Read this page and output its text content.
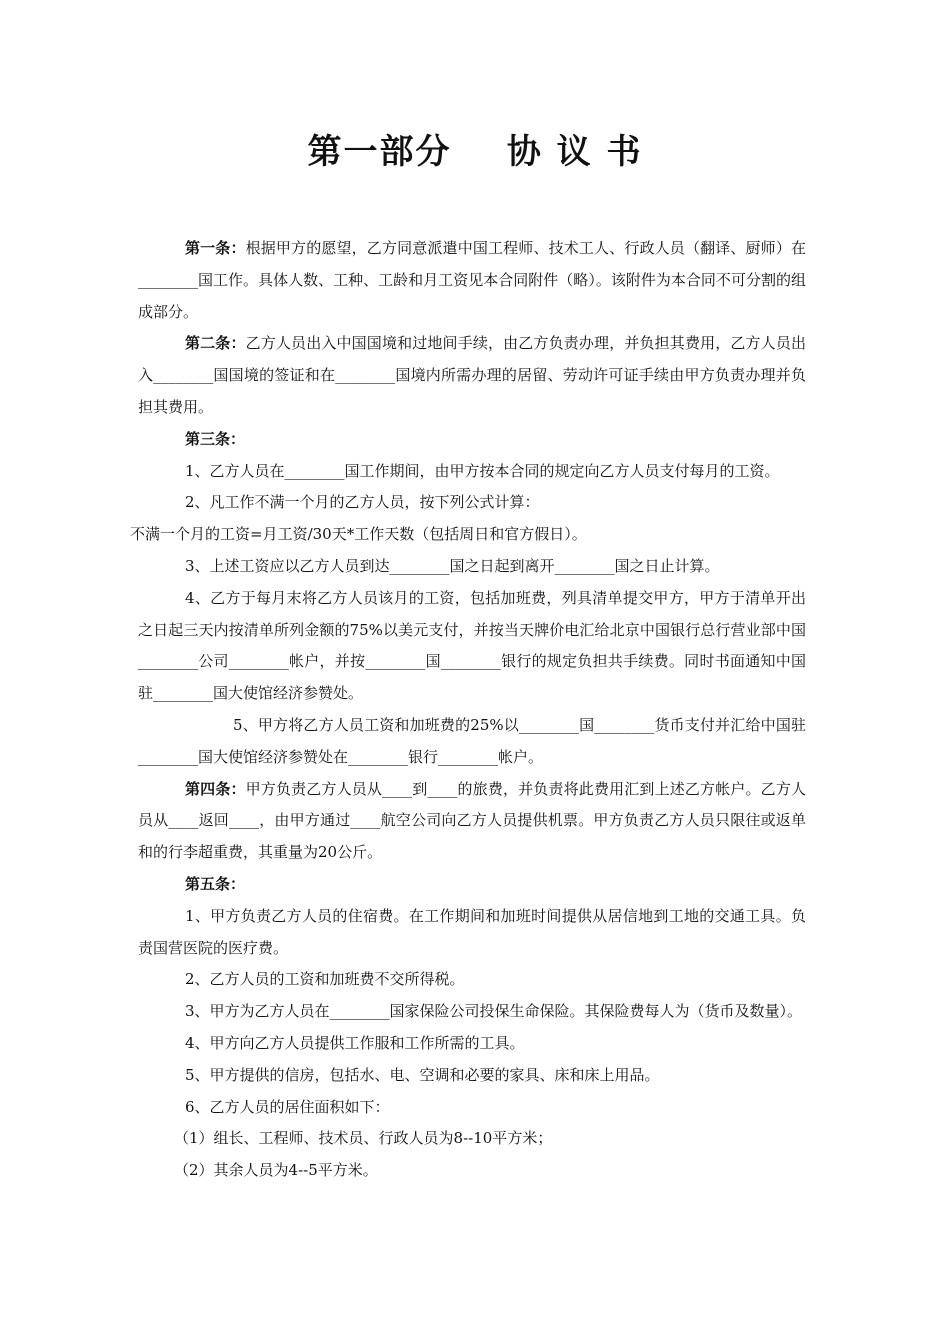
第一部分    协 议 书

第一条：根据甲方的愿望，乙方同意派遣中国工程师、技术工人、行政人员（翻译、厨师）在________国工作。具体人数、工种、工龄和月工资见本合同附件（略）。该附件为本合同不可分割的组成部分。

第二条：乙方人员出入中国国境和过地间手续，由乙方负责办理，并负担其费用，乙方人员出入________国国境的签证和在________国境内所需办理的居留、劳动许可证手续由甲方负责办理并负担其费用。

第三条：

1、乙方人员在________国工作期间，由甲方按本合同的规定向乙方人员支付每月的工资。

2、凡工作不满一个月的乙方人员，按下列公式计算：

不满一个月的工资=月工资/30天*工作天数（包括周日和官方假日）。

3、上述工资应以乙方人员到达________国之日起到离开________国之日止计算。

4、乙方于每月末将乙方人员该月的工资，包括加班费，列具清单提交甲方，甲方于清单开出之日起三天内按清单所列金额的75%以美元支付，并按当天牌价电汇给北京中国银行总行营业部中国________公司________帐户，并按________国________银行的规定负担共手续费。同时书面通知中国驻________国大使馆经济参赞处。

5、甲方将乙方人员工资和加班费的25%以________国________货币支付并汇给中国驻________国大使馆经济参赞处在________银行________帐户。

第四条：甲方负责乙方人员从____到____的旅费，并负责将此费用汇到上述乙方帐户。乙方人员从____返回____，由甲方通过____航空公司向乙方人员提供机票。甲方负责乙方人员只限往或返单和的行李超重费，其重量为20公斤。

第五条：

1、甲方负责乙方人员的住宿费。在工作期间和加班时间提供从居信地到工地的交通工具。负责国营医院的医疗费。

2、乙方人员的工资和加班费不交所得税。

3、甲方为乙方人员在________国家保险公司投保生命保险。其保险费每人为（货币及数量）。

4、甲方向乙方人员提供工作服和工作所需的工具。

5、甲方提供的信房，包括水、电、空调和必要的家具、床和床上用品。

6、乙方人员的居住面积如下：

（1）组长、工程师、技术员、行政人员为8--10平方米；

（2）其余人员为4--5平方米。
